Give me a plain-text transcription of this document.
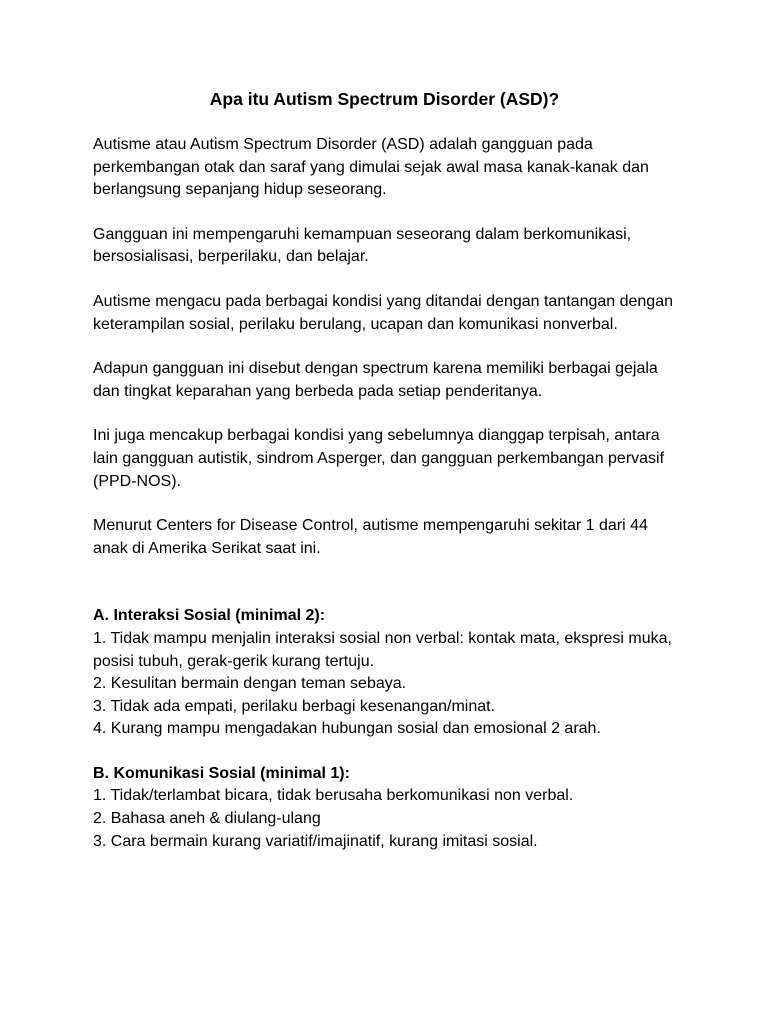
Apa itu Autism Spectrum Disorder (ASD)?

Autisme atau Autism Spectrum Disorder (ASD) adalah gangguan pada perkembangan otak dan saraf yang dimulai sejak awal masa kanak-kanak dan berlangsung sepanjang hidup seseorang.

Gangguan ini mempengaruhi kemampuan seseorang dalam berkomunikasi, bersosialisasi, berperilaku, dan belajar.

Autisme mengacu pada berbagai kondisi yang ditandai dengan tantangan dengan keterampilan sosial, perilaku berulang, ucapan dan komunikasi nonverbal.

Adapun gangguan ini disebut dengan spectrum karena memiliki berbagai gejala dan tingkat keparahan yang berbeda pada setiap penderitanya.

Ini juga mencakup berbagai kondisi yang sebelumnya dianggap terpisah, antara lain gangguan autistik, sindrom Asperger, dan gangguan perkembangan pervasif (PPD-NOS).

Menurut Centers for Disease Control, autisme mempengaruhi sekitar 1 dari 44 anak di Amerika Serikat saat ini.

A. Interaksi Sosial (minimal 2):
1. Tidak mampu menjalin interaksi sosial non verbal: kontak mata, ekspresi muka, posisi tubuh, gerak-gerik kurang tertuju.
2. Kesulitan bermain dengan teman sebaya.
3. Tidak ada empati, perilaku berbagi kesenangan/minat.
4. Kurang mampu mengadakan hubungan sosial dan emosional 2 arah.
B. Komunikasi Sosial (minimal 1):
1. Tidak/terlambat bicara, tidak berusaha berkomunikasi non verbal.
2. Bahasa aneh & diulang-ulang
3. Cara bermain kurang variatif/imajinatif, kurang imitasi sosial.
